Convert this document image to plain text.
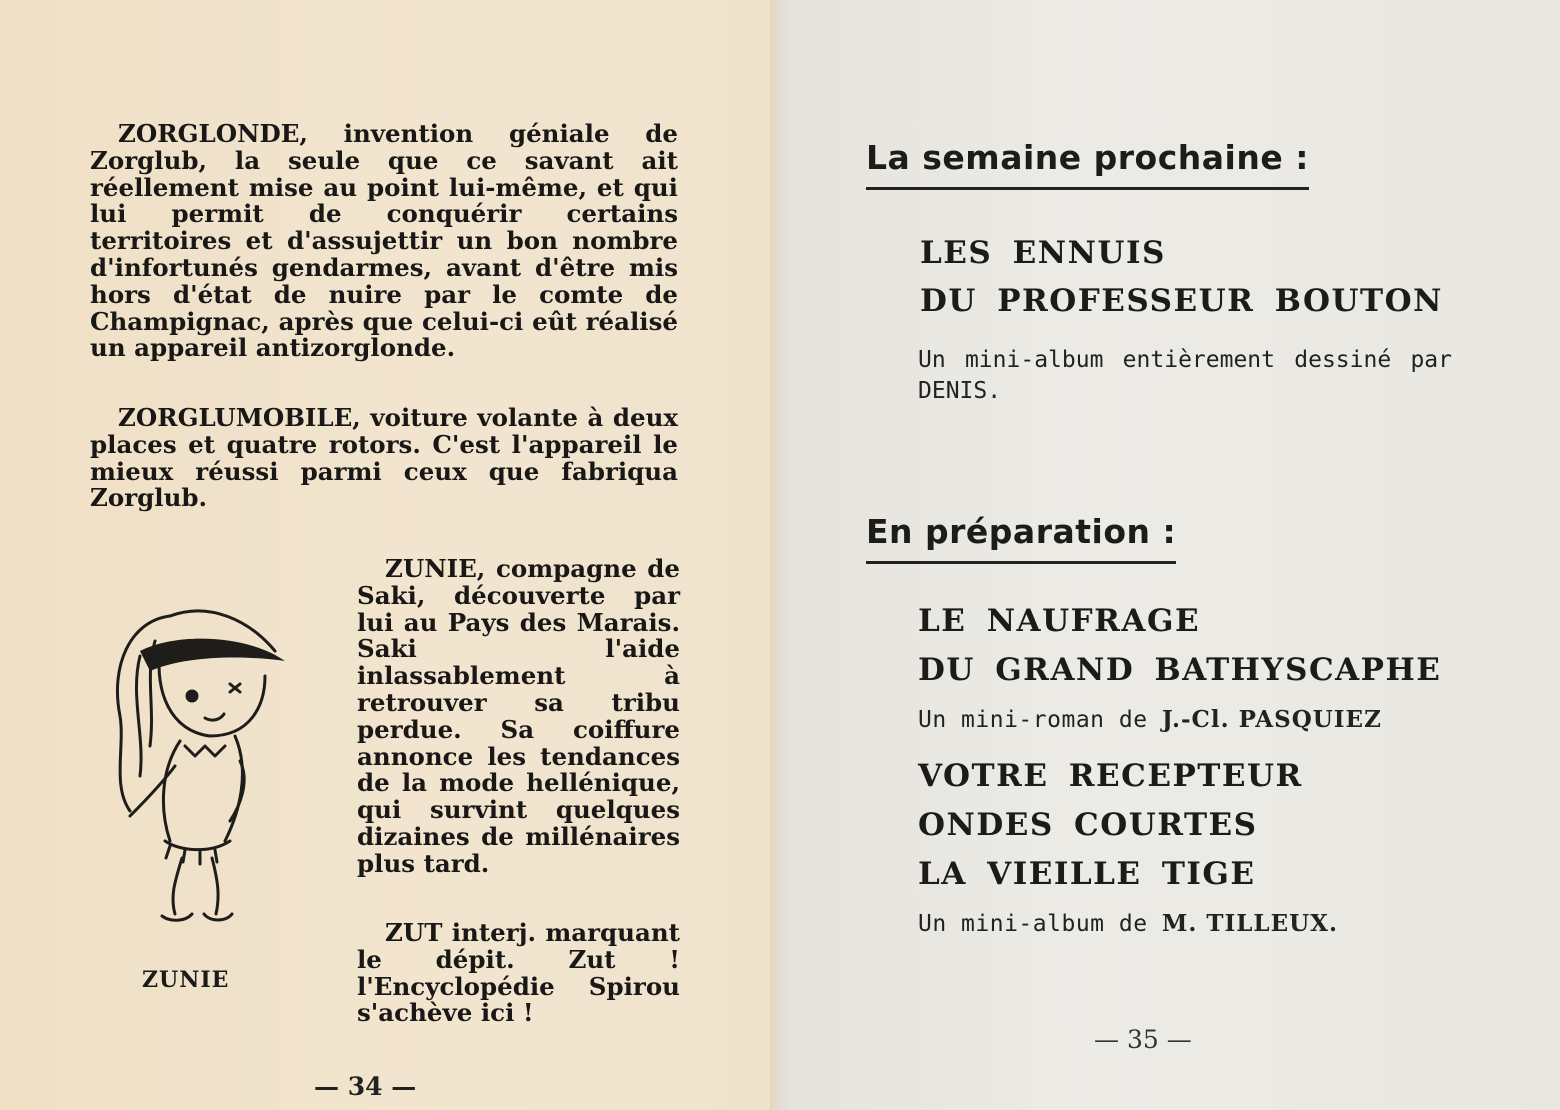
ZORGLONDE, invention géniale de Zorglub, la seule que ce savant ait réellement mise au point lui-même, et qui lui permit de conquérir certains territoires et d'assujettir un bon nombre d'infortunés gendarmes, avant d'être mis hors d'état de nuire par le comte de Champignac, après que celui-ci eût réalisé un appareil antizorglonde.
ZORGLUMOBILE, voiture volante à deux places et quatre rotors. C'est l'appareil le mieux réussi parmi ceux que fabriqua Zorglub.
ZUNIE
ZUNIE, compagne de Saki, découverte par lui au Pays des Marais. Saki l'aide inlassablement à retrouver sa tribu perdue. Sa coiffure annonce les tendances de la mode hellénique, qui survint quelques dizaines de millénaires plus tard.
ZUT interj. marquant le dépit. Zut ! l'Encyclopédie Spirou s'achève ici !
— 34 —
La semaine prochaine :
LES ENNUIS
DU PROFESSEUR BOUTON
Un mini-album entièrement dessiné par DENIS.
En préparation :
LE NAUFRAGE
DU GRAND BATHYSCAPHE
Un mini-roman de J.-Cl. PASQUIEZ
VOTRE RECEPTEUR
ONDES COURTES
LA VIEILLE TIGE
Un mini-album de M. TILLEUX.
— 35 —
